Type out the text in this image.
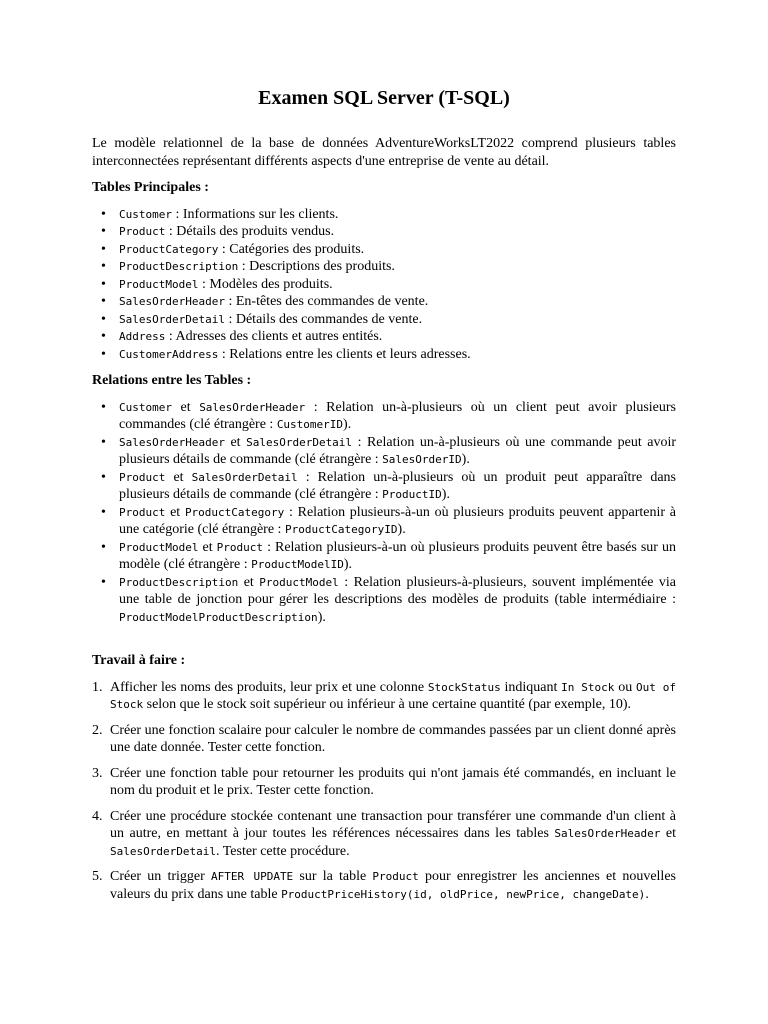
Examen SQL Server (T-SQL)

Le modèle relationnel de la base de données AdventureWorksLT2022 comprend plusieurs tables interconnectées représentant différents aspects d'une entreprise de vente au détail.

Tables Principales :
• Customer : Informations sur les clients.
• Product : Détails des produits vendus.
• ProductCategory : Catégories des produits.
• ProductDescription : Descriptions des produits.
• ProductModel : Modèles des produits.
• SalesOrderHeader : En-têtes des commandes de vente.
• SalesOrderDetail : Détails des commandes de vente.
• Address : Adresses des clients et autres entités.
• CustomerAddress : Relations entre les clients et leurs adresses.
Relations entre les Tables :
• Customer et SalesOrderHeader : Relation un-à-plusieurs où un client peut avoir plusieurs commandes (clé étrangère : CustomerID).
• SalesOrderHeader et SalesOrderDetail : Relation un-à-plusieurs où une commande peut avoir plusieurs détails de commande (clé étrangère : SalesOrderID).
• Product et SalesOrderDetail : Relation un-à-plusieurs où un produit peut apparaître dans plusieurs détails de commande (clé étrangère : ProductID).
• Product et ProductCategory : Relation plusieurs-à-un où plusieurs produits peuvent appartenir à une catégorie (clé étrangère : ProductCategoryID).
• ProductModel et Product : Relation plusieurs-à-un où plusieurs produits peuvent être basés sur un modèle (clé étrangère : ProductModelID).
• ProductDescription et ProductModel : Relation plusieurs-à-plusieurs, souvent implémentée via une table de jonction pour gérer les descriptions des modèles de produits (table intermédiaire : ProductModelProductDescription).
Travail à faire :
1. Afficher les noms des produits, leur prix et une colonne StockStatus indiquant In Stock ou Out of Stock selon que le stock soit supérieur ou inférieur à une certaine quantité (par exemple, 10).
2. Créer une fonction scalaire pour calculer le nombre de commandes passées par un client donné après une date donnée. Tester cette fonction.
3. Créer une fonction table pour retourner les produits qui n'ont jamais été commandés, en incluant le nom du produit et le prix. Tester cette fonction.
4. Créer une procédure stockée contenant une transaction pour transférer une commande d'un client à un autre, en mettant à jour toutes les références nécessaires dans les tables SalesOrderHeader et SalesOrderDetail. Tester cette procédure.
5. Créer un trigger AFTER UPDATE sur la table Product pour enregistrer les anciennes et nouvelles valeurs du prix dans une table ProductPriceHistory(id, oldPrice, newPrice, changeDate).
